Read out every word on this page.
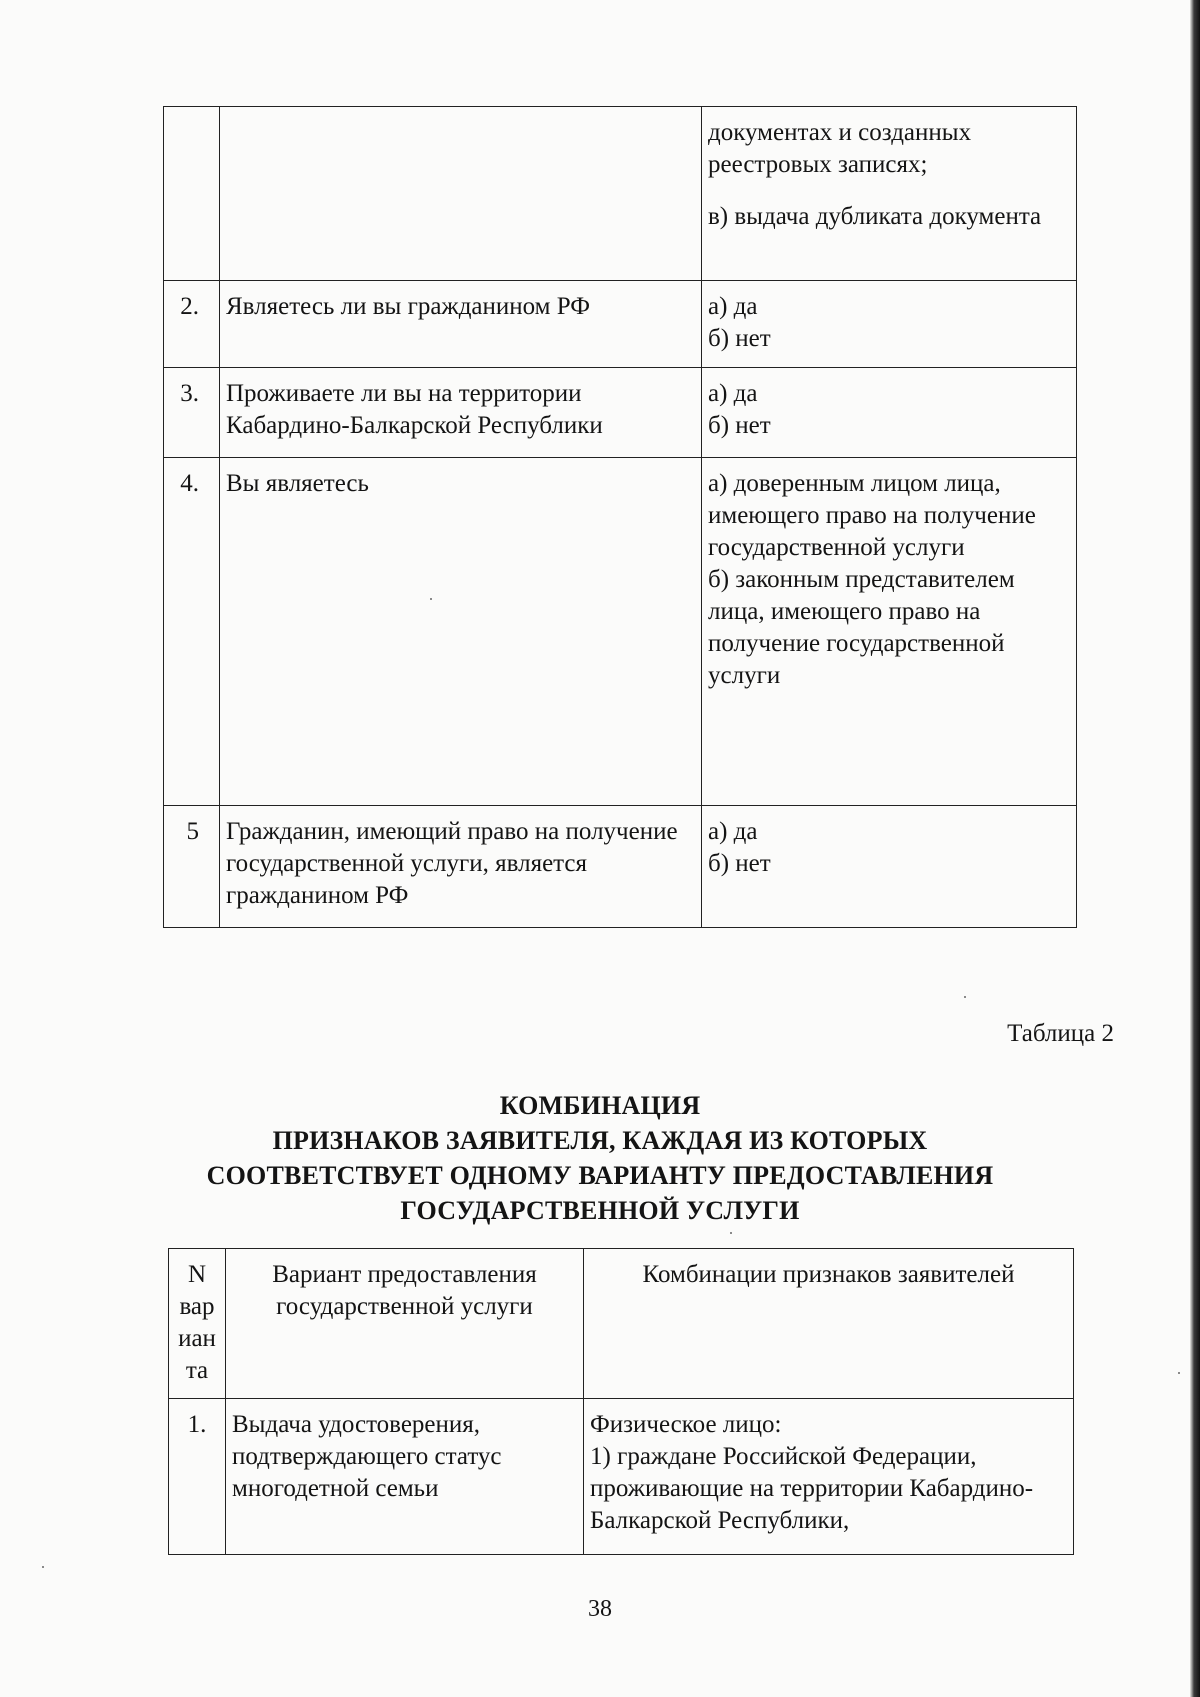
		документах и созданных реестровых записях;
в) выдача дубликата документа
2.	Являетесь ли вы гражданином РФ	а) да
б) нет

3.	Проживаете ли вы на территории Кабардино-Балкарской Республики	а) да
б) нет

4.	Вы являетесь	а) доверенным лицом лица, имеющего право на получение государственной услуги
б) законным представителем лица, имеющего право на получение государственной услуги

5	Гражданин, имеющий право на получение государственной услуги, является гражданином РФ	а) да
б) нет
Таблица 2
КОМБИНАЦИЯ
ПРИЗНАКОВ ЗАЯВИТЕЛЯ, КАЖДАЯ ИЗ КОТОРЫХ
СООТВЕТСТВУЕТ ОДНОМУ ВАРИАНТУ ПРЕДОСТАВЛЕНИЯ
ГОСУДАРСТВЕННОЙ УСЛУГИ
N вар иан та	Вариант предоставления государственной услуги	Комбинации признаков заявителей
1.	Выдача удостоверения, подтверждающего статус многодетной семьи	Физическое лицо:
1) граждане Российской Федерации, проживающие на территории Кабардино-Балкарской Республики,
38
